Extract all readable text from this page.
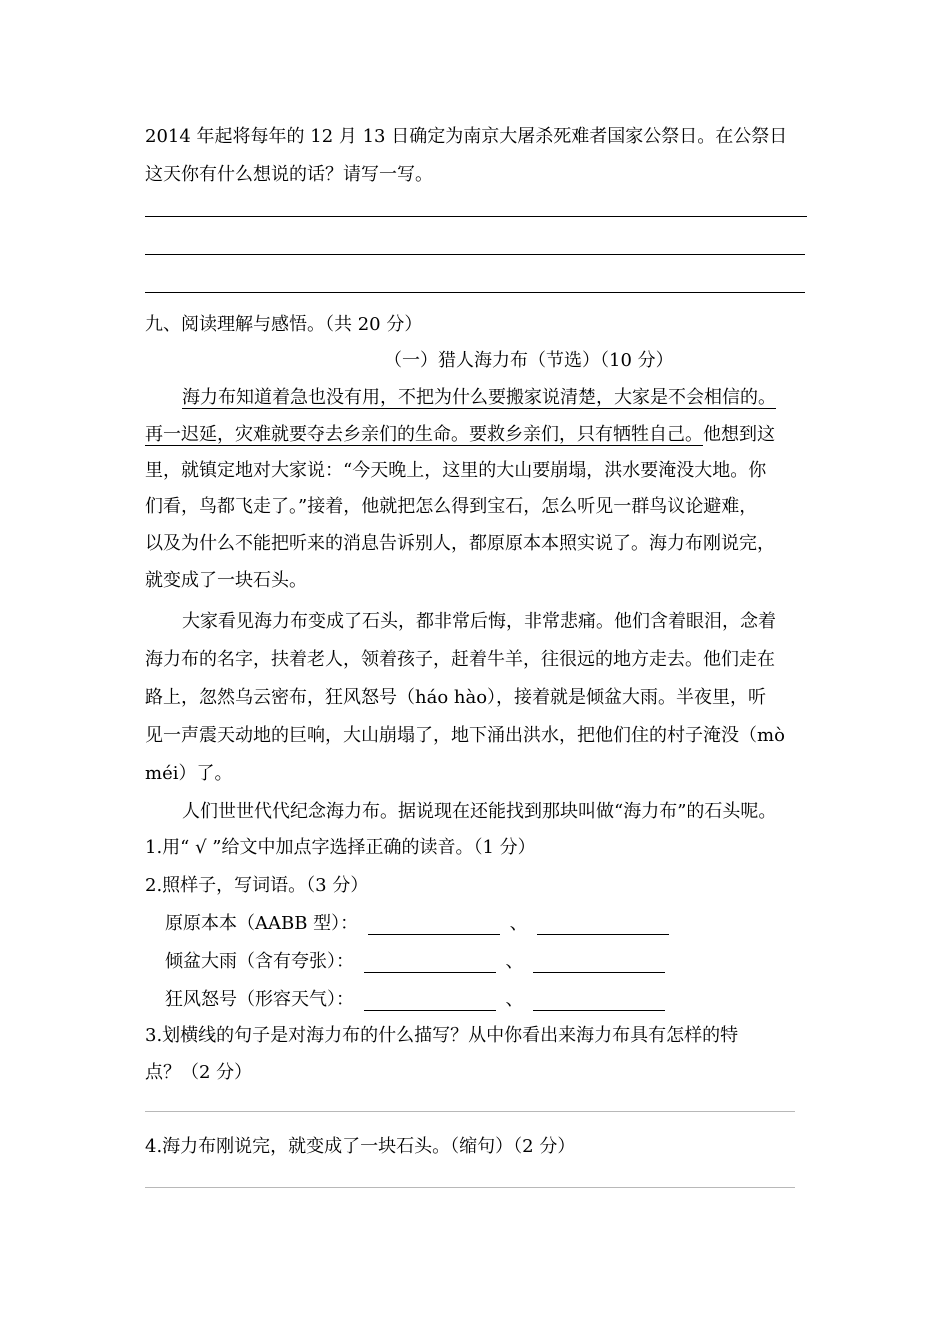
2014 年起将每年的 12 月 13 日确定为南京大屠杀死难者国家公祭日。在公祭日
这天你有什么想说的话？请写一写。
九、阅读理解与感悟。（共 20 分）
（一）猎人海力布（节选）（10 分）
海力布知道着急也没有用，不把为什么要搬家说清楚，大家是不会相信的。
再一迟延，灾难就要夺去乡亲们的生命。要救乡亲们，只有牺牲自己。他想到这
里，就镇定地对大家说：“今天晚上，这里的大山要崩塌，洪水要淹没大地。你
们看，鸟都飞走了。”接着，他就把怎么得到宝石，怎么听见一群鸟议论避难，
以及为什么不能把听来的消息告诉别人，都原原本本照实说了。海力布刚说完，
就变成了一块石头。
大家看见海力布变成了石头，都非常后悔，非常悲痛。他们含着眼泪，念着
海力布的名字，扶着老人，领着孩子，赶着牛羊，往很远的地方走去。他们走在
路上，忽然乌云密布，狂风怒号（háo hào），接着就是倾盆大雨。半夜里，听
见一声震天动地的巨响，大山崩塌了，地下涌出洪水，把他们住的村子淹没（mò
méi）了。
人们世世代代纪念海力布。据说现在还能找到那块叫做“海力布”的石头呢。
1.用“ √ ”给文中加点字选择正确的读音。（1 分）
2.照样子，写词语。（3 分）
原原本本（AABB 型）：	、
倾盆大雨（含有夸张）：	、
狂风怒号（形容天气）：	、
3.划横线的句子是对海力布的什么描写？从中你看出来海力布具有怎样的特
点？（2 分）
4.海力布刚说完，就变成了一块石头。（缩句）（2 分）
